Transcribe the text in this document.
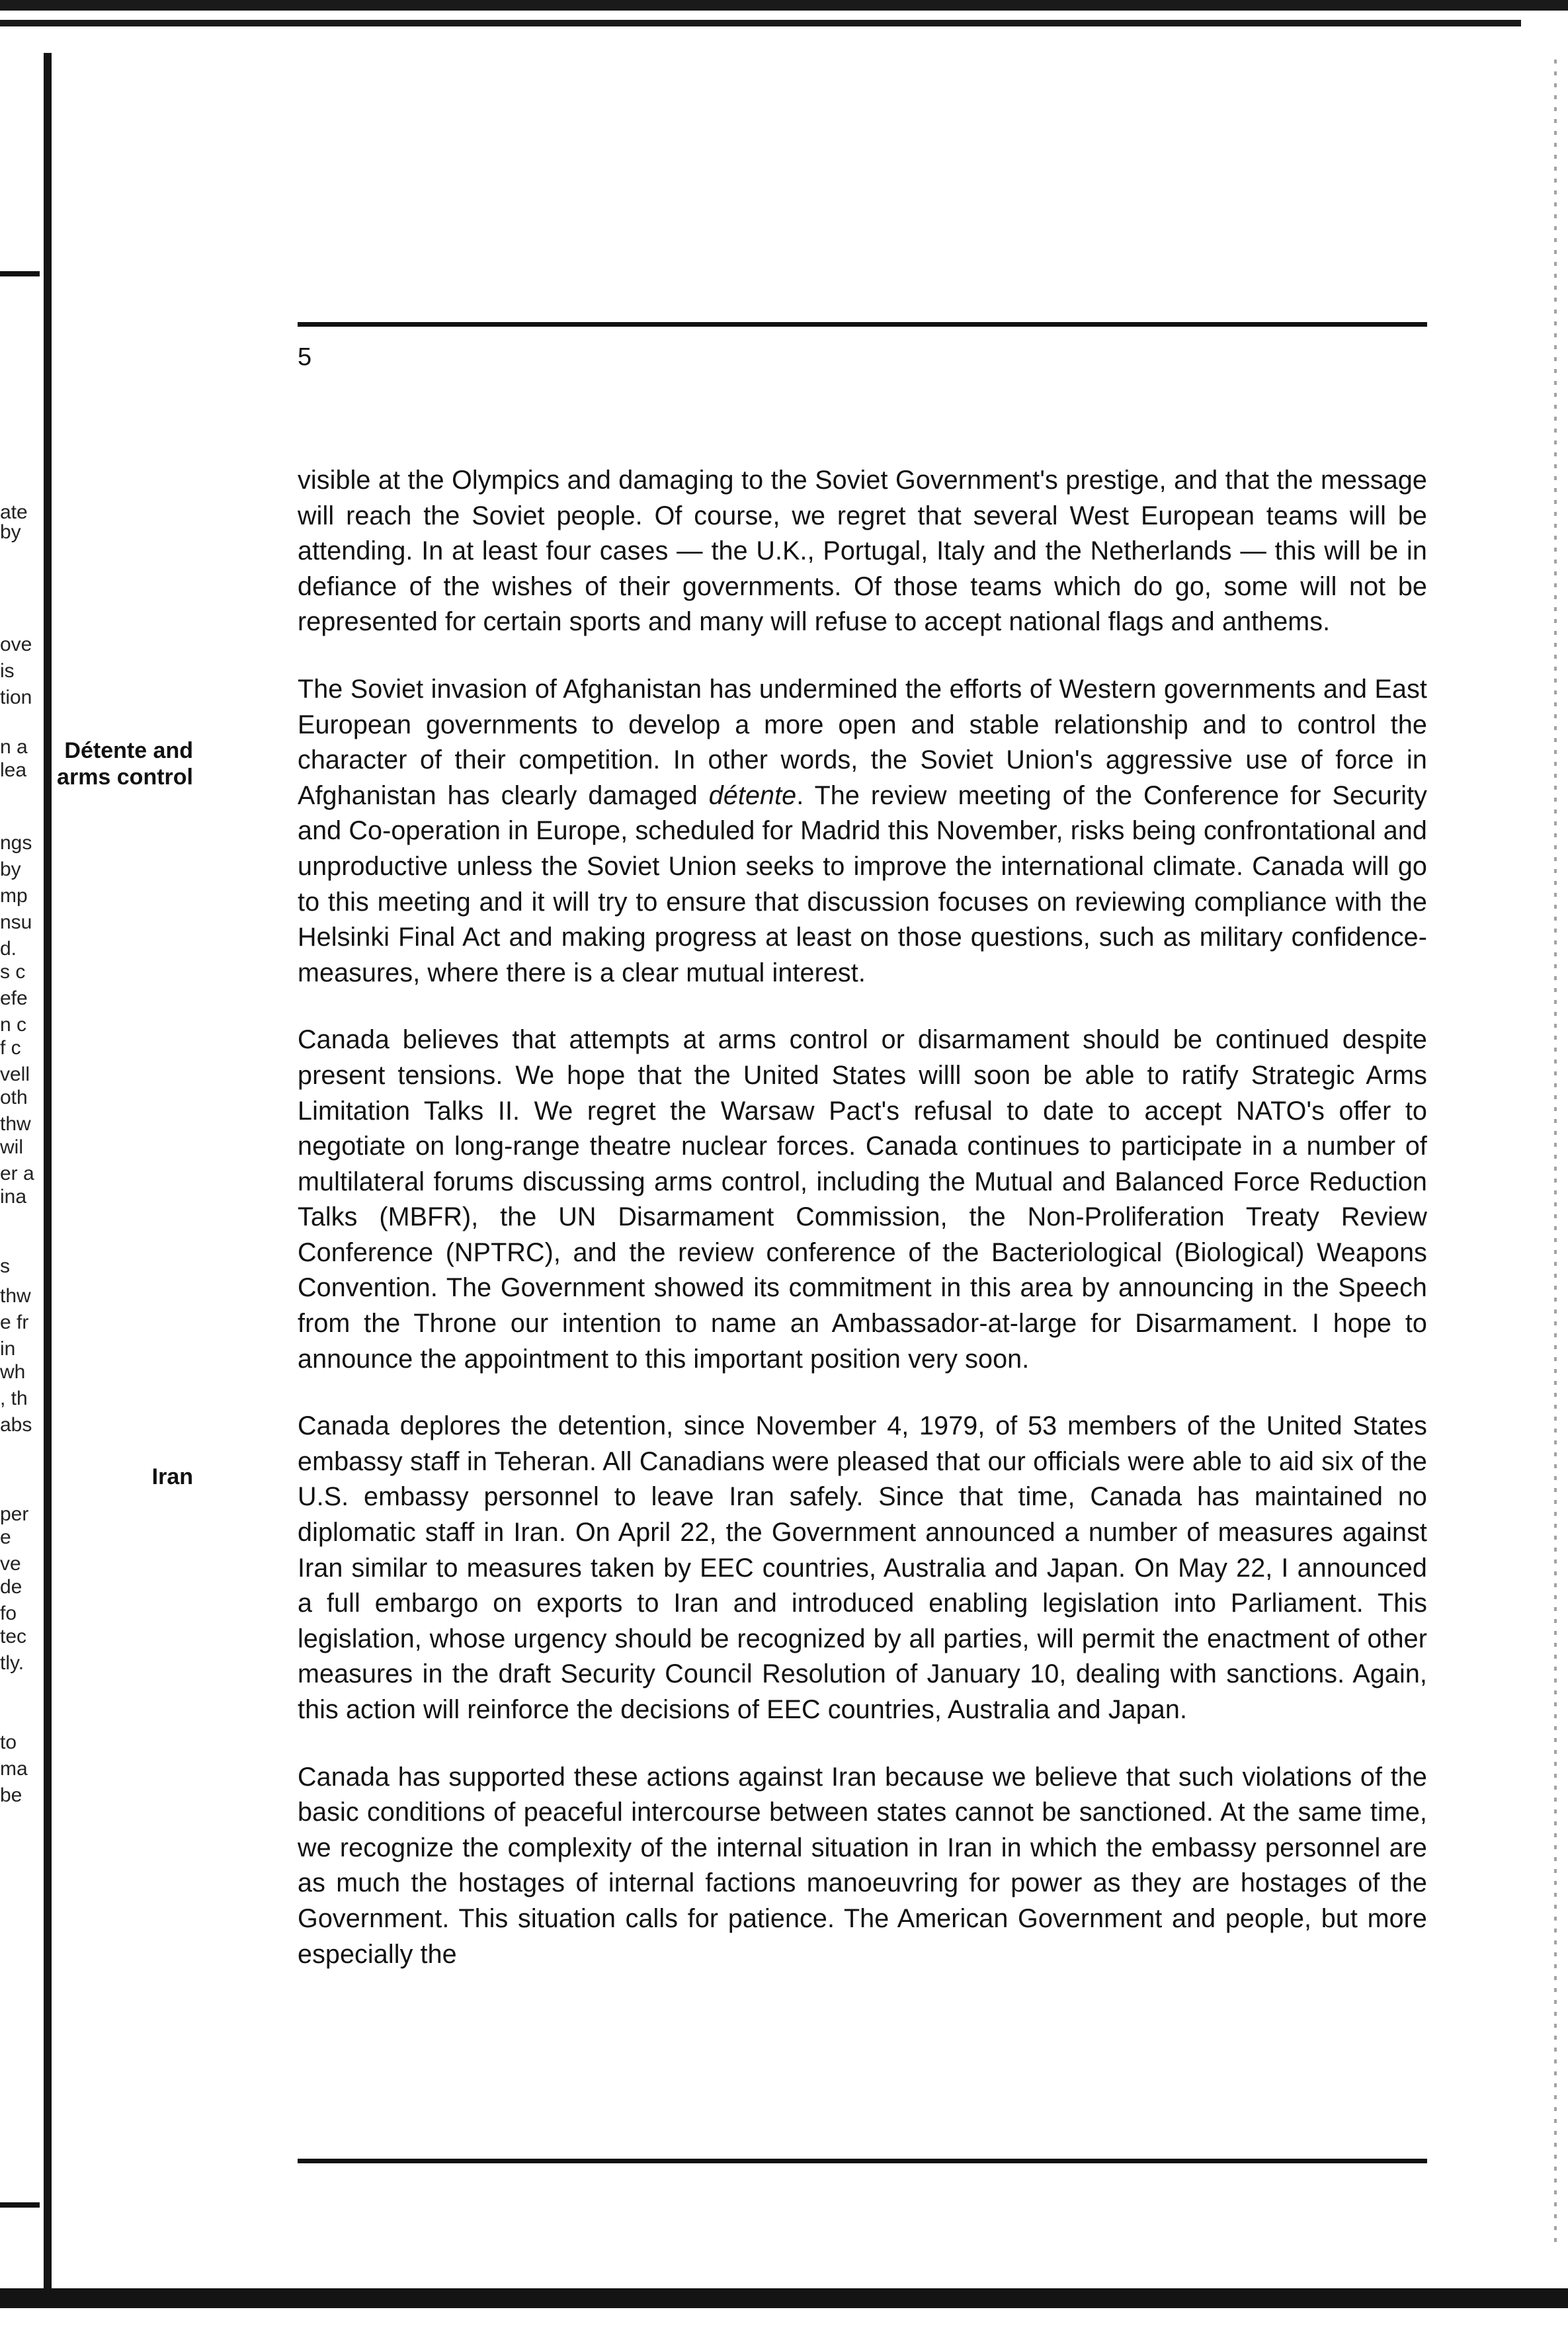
ate
by
ove
is
tion
n a
lea
ngs
by
mp
nsu
d.
s c
efe
n c
f c
vell
oth
thw
wil
er a
ina
s
thw
e fr
in
wh
, th
abs
per
e
ve
de
fo
tec
tly.
to
ma
be
5
Détente and
arms control
Iran

visible at the Olympics and damaging to the Soviet Government's prestige, and that the message will reach the Soviet people. Of course, we regret that several West European teams will be attending. In at least four cases — the U.K., Portugal, Italy and the Netherlands — this will be in defiance of the wishes of their governments. Of those teams which do go, some will not be represented for certain sports and many will refuse to accept national flags and anthems.

The Soviet invasion of Afghanistan has undermined the efforts of Western governments and East European governments to develop a more open and stable relationship and to control the character of their competition. In other words, the Soviet Union's aggressive use of force in Afghanistan has clearly damaged détente. The review meeting of the Conference for Security and Co-operation in Europe, scheduled for Madrid this November, risks being confrontational and unproductive unless the Soviet Union seeks to improve the international climate. Canada will go to this meeting and it will try to ensure that discussion focuses on reviewing compliance with the Helsinki Final Act and making progress at least on those questions, such as military confidence-measures, where there is a clear mutual interest.

Canada believes that attempts at arms control or disarmament should be continued despite present tensions. We hope that the United States willl soon be able to ratify Strategic Arms Limitation Talks II. We regret the Warsaw Pact's refusal to date to accept NATO's offer to negotiate on long-range theatre nuclear forces. Canada continues to participate in a number of multilateral forums discussing arms control, including the Mutual and Balanced Force Reduction Talks (MBFR), the UN Disarmament Commission, the Non-Proliferation Treaty Review Conference (NPTRC), and the review conference of the Bacteriological (Biological) Weapons Convention. The Government showed its commitment in this area by announcing in the Speech from the Throne our intention to name an Ambassador-at-large for Disarmament. I hope to announce the appointment to this important position very soon.

Canada deplores the detention, since November 4, 1979, of 53 members of the United States embassy staff in Teheran. All Canadians were pleased that our officials were able to aid six of the U.S. embassy personnel to leave Iran safely. Since that time, Canada has maintained no diplomatic staff in Iran. On April 22, the Government announced a number of measures against Iran similar to measures taken by EEC countries, Australia and Japan. On May 22, I announced a full embargo on exports to Iran and introduced enabling legislation into Parliament. This legislation, whose urgency should be recognized by all parties, will permit the enactment of other measures in the draft Security Council Resolution of January 10, dealing with sanctions. Again, this action will reinforce the decisions of EEC countries, Australia and Japan.

Canada has supported these actions against Iran because we believe that such violations of the basic conditions of peaceful intercourse between states cannot be sanctioned. At the same time, we recognize the complexity of the internal situation in Iran in which the embassy personnel are as much the hostages of internal factions manoeuvring for power as they are hostages of the Government. This situation calls for patience. The American Government and people, but more especially the
